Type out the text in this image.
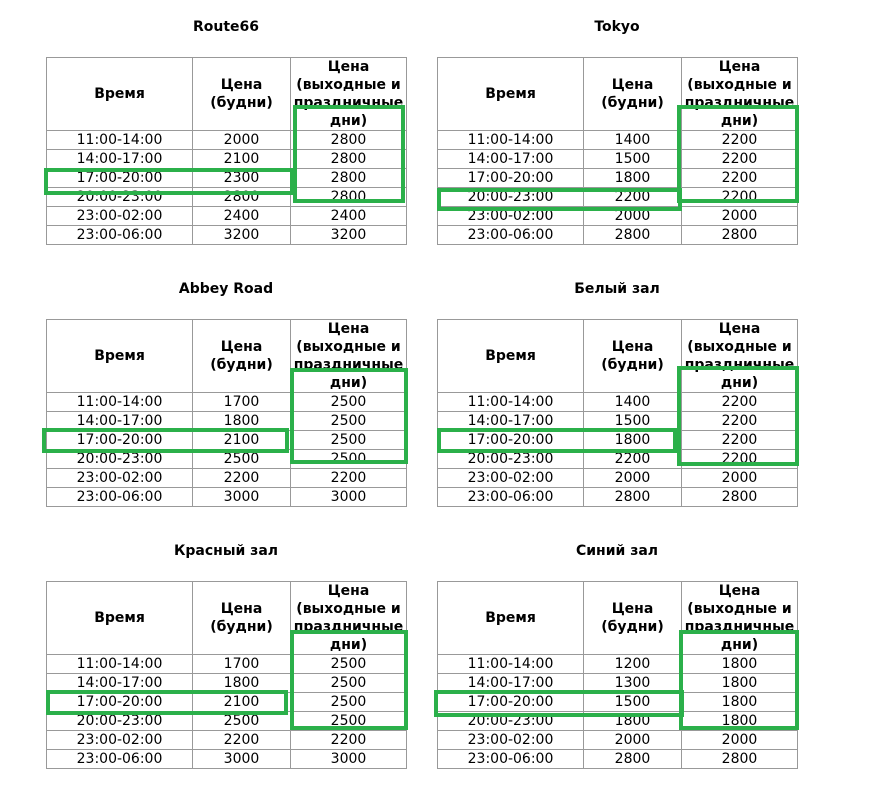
Route66
Время	Цена (будни)	Цена (выходные и праздничные дни)
11:00-14:00	2000	2800
14:00-17:00	2100	2800
17:00-20:00	2300	2800
20:00-23:00	2800	2800
23:00-02:00	2400	2400
23:00-06:00	3200	3200
Tokyo
Время	Цена (будни)	Цена (выходные и праздничные дни)
11:00-14:00	1400	2200
14:00-17:00	1500	2200
17:00-20:00	1800	2200
20:00-23:00	2200	2200
23:00-02:00	2000	2000
23:00-06:00	2800	2800
Abbey Road
Время	Цена (будни)	Цена (выходные и праздничные дни)
11:00-14:00	1700	2500
14:00-17:00	1800	2500
17:00-20:00	2100	2500
20:00-23:00	2500	2500
23:00-02:00	2200	2200
23:00-06:00	3000	3000
Белый зал
Время	Цена (будни)	Цена (выходные и праздничные дни)
11:00-14:00	1400	2200
14:00-17:00	1500	2200
17:00-20:00	1800	2200
20:00-23:00	2200	2200
23:00-02:00	2000	2000
23:00-06:00	2800	2800
Красный зал
Время	Цена (будни)	Цена (выходные и праздничные дни)
11:00-14:00	1700	2500
14:00-17:00	1800	2500
17:00-20:00	2100	2500
20:00-23:00	2500	2500
23:00-02:00	2200	2200
23:00-06:00	3000	3000
Синий зал
Время	Цена (будни)	Цена (выходные и праздничные дни)
11:00-14:00	1200	1800
14:00-17:00	1300	1800
17:00-20:00	1500	1800
20:00-23:00	1800	1800
23:00-02:00	2000	2000
23:00-06:00	2800	2800
